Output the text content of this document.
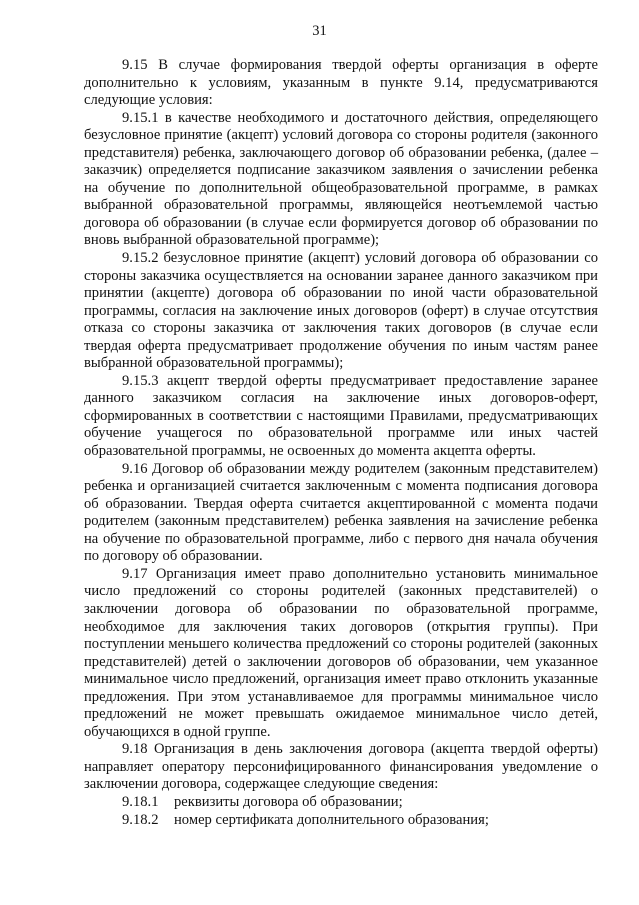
31

9.15 В случае формирования твердой оферты организация в оферте дополнительно к условиям, указанным в пункте 9.14, предусматриваются следующие условия:

9.15.1 в качестве необходимого и достаточного действия, определяющего безусловное принятие (акцепт) условий договора со стороны родителя (законного представителя) ребенка, заключающего договор об образовании ребенка, (далее – заказчик) определяется подписание заказчиком заявления о зачислении ребенка на обучение по дополнительной общеобразовательной программе, в рамках выбранной образовательной программы, являющейся неотъемлемой частью договора об образовании (в случае если формируется договор об образовании по вновь выбранной образовательной программе);

9.15.2 безусловное принятие (акцепт) условий договора об образовании со стороны заказчика осуществляется на основании заранее данного заказчиком при принятии (акцепте) договора об образовании по иной части образовательной программы, согласия на заключение иных договоров (оферт) в случае отсутствия отказа со стороны заказчика от заключения таких договоров (в случае если твердая оферта предусматривает продолжение обучения по иным частям ранее выбранной образовательной программы);

9.15.3 акцепт твердой оферты предусматривает предоставление заранее данного заказчиком согласия на заключение иных договоров-оферт, сформированных в соответствии с настоящими Правилами, предусматривающих обучение учащегося по образовательной программе или иных частей образовательной программы, не освоенных до момента акцепта оферты.

9.16 Договор об образовании между родителем (законным представителем) ребенка и организацией считается заключенным с момента подписания договора об образовании. Твердая оферта считается акцептированной с момента подачи родителем (законным представителем) ребенка заявления на зачисление ребенка на обучение по образовательной программе, либо с первого дня начала обучения по договору об образовании.

9.17 Организация имеет право дополнительно установить минимальное число предложений со стороны родителей (законных представителей) о заключении договора об образовании по образовательной программе, необходимое для заключения таких договоров (открытия группы). При поступлении меньшего количества предложений со стороны родителей (законных представителей) детей о заключении договоров об образовании, чем указанное минимальное число предложений, организация имеет право отклонить указанные предложения. При этом устанавливаемое для программы минимальное число предложений не может превышать ожидаемое минимальное число детей, обучающихся в одной группе.

9.18 Организация в день заключения договора (акцепта твердой оферты) направляет оператору персонифицированного финансирования уведомление о заключении договора, содержащее следующие сведения:

9.18.1	реквизиты договора об образовании;
9.18.2	номер сертификата дополнительного образования;
